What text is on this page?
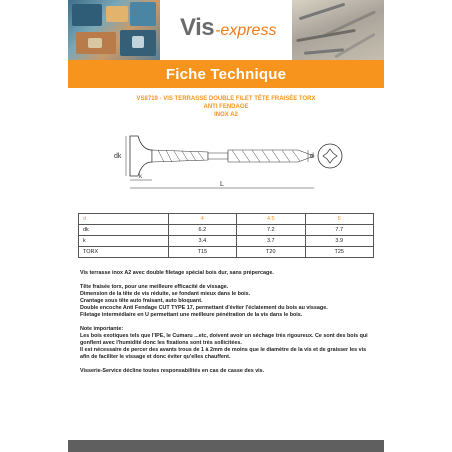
Vis -express
Fiche Technique
VS8719 - VIS TERRASSE DOUBLE FILET TÊTE FRAISÉE TORX
ANTI FENDAGE
INOX A2
d
dk
k
L
d	4	4.5	5
dk	6.2	7.2	7.7
k	3.4	3.7	3.9
TORX	T15	T20	T25

Vis terrasse inox A2 avec double filetage spécial bois dur, sans prépercage.

Tête fraisée torx, pour une meilleure efficacité de vissage.

Dimension de la tête de vis réduite, se fondant mieux dans le bois.

Crantage sous tête auto fraisant, auto bloquant.

Double encoche Anti Fendage CUT TYPE 17, permettant d'éviter l'éclatement du bois au vissage.

Filetage intermédiaire en U permettant une meilleure pénétration de la vis dans le bois.

Note importante:

Les bois exotiques tels que l'IPE, le Cumaru ...etc, doivent avoir un séchage très rigoureux. Ce sont des bois qui gonflent avec l'humidité donc les fixations sont très sollicitées.

Il est nécessaire de percer des avants trous de 1 à 2mm de moins que le diamètre de la vis et de graisser les vis afin de faciliter le vissage et donc éviter qu'elles chauffent.

Visserie-Service décline toutes responsabilités en cas de casse des vis.
